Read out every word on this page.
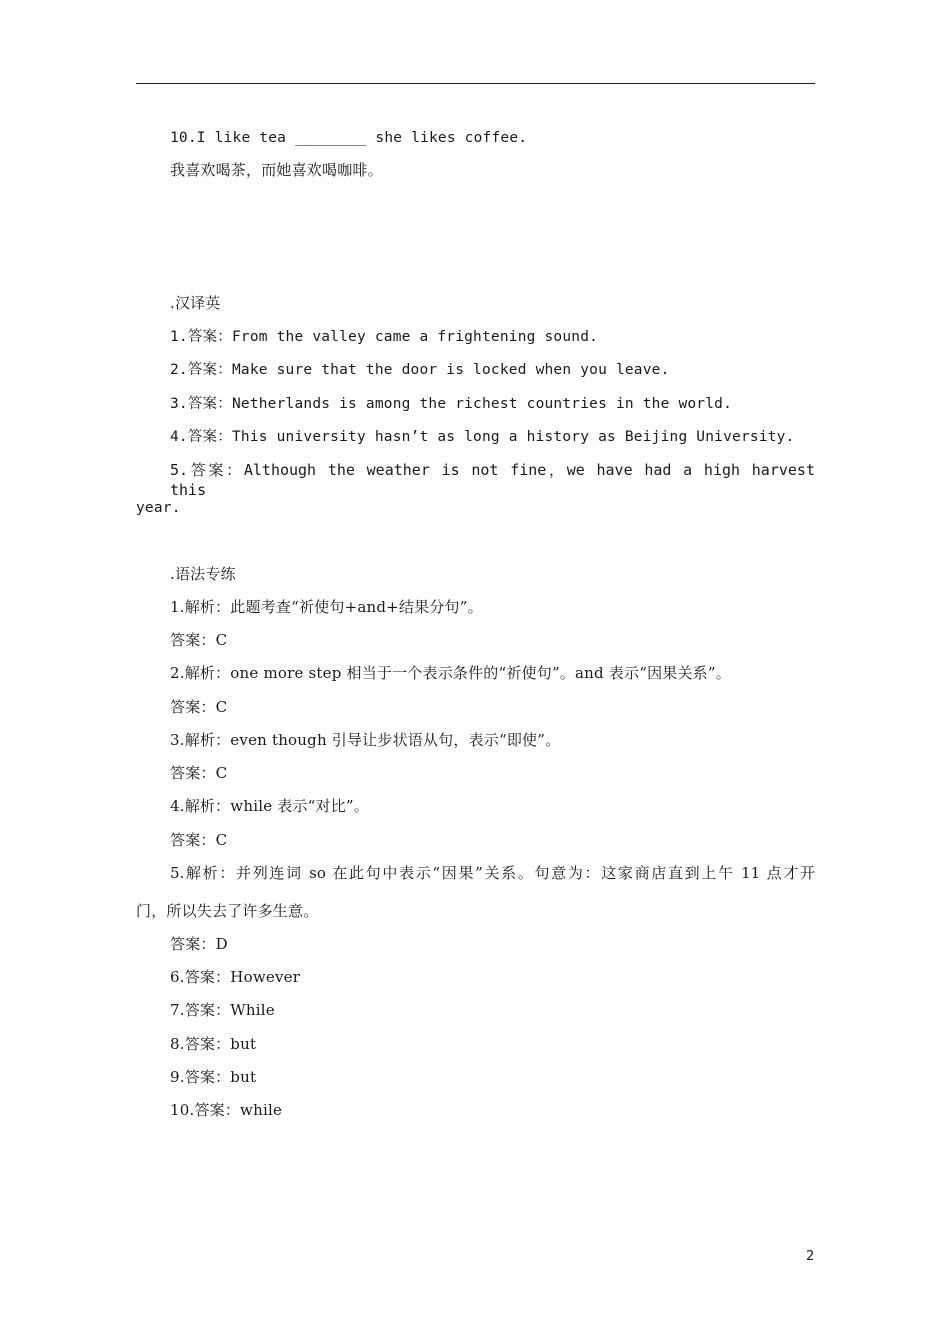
10.I like tea ________ she likes coffee.
我喜欢喝茶，而她喜欢喝咖啡。
.汉译英
1.答案：From the valley came a frightening sound.
2.答案：Make sure that the door is locked when you leave.
3.答案：Netherlands is among the richest countries in the world.
4.答案：This university hasn’t as long a history as Beijing University.
5.答案：Although the weather is not fine，we have had a high harvest this
year.
.语法专练
1.解析：此题考查“祈使句+and+结果分句”。
答案：C
2.解析：one more step 相当于一个表示条件的“祈使句”。and 表示“因果关系”。
答案：C
3.解析：even though 引导让步状语从句，表示“即使”。
答案：C
4.解析：while 表示“对比”。
答案：C
5.解析：并列连词 so 在此句中表示“因果”关系。句意为：这家商店直到上午 11 点才开
门，所以失去了许多生意。
答案：D
6.答案：However
7.答案：While
8.答案：but
9.答案：but
10.答案：while
2
